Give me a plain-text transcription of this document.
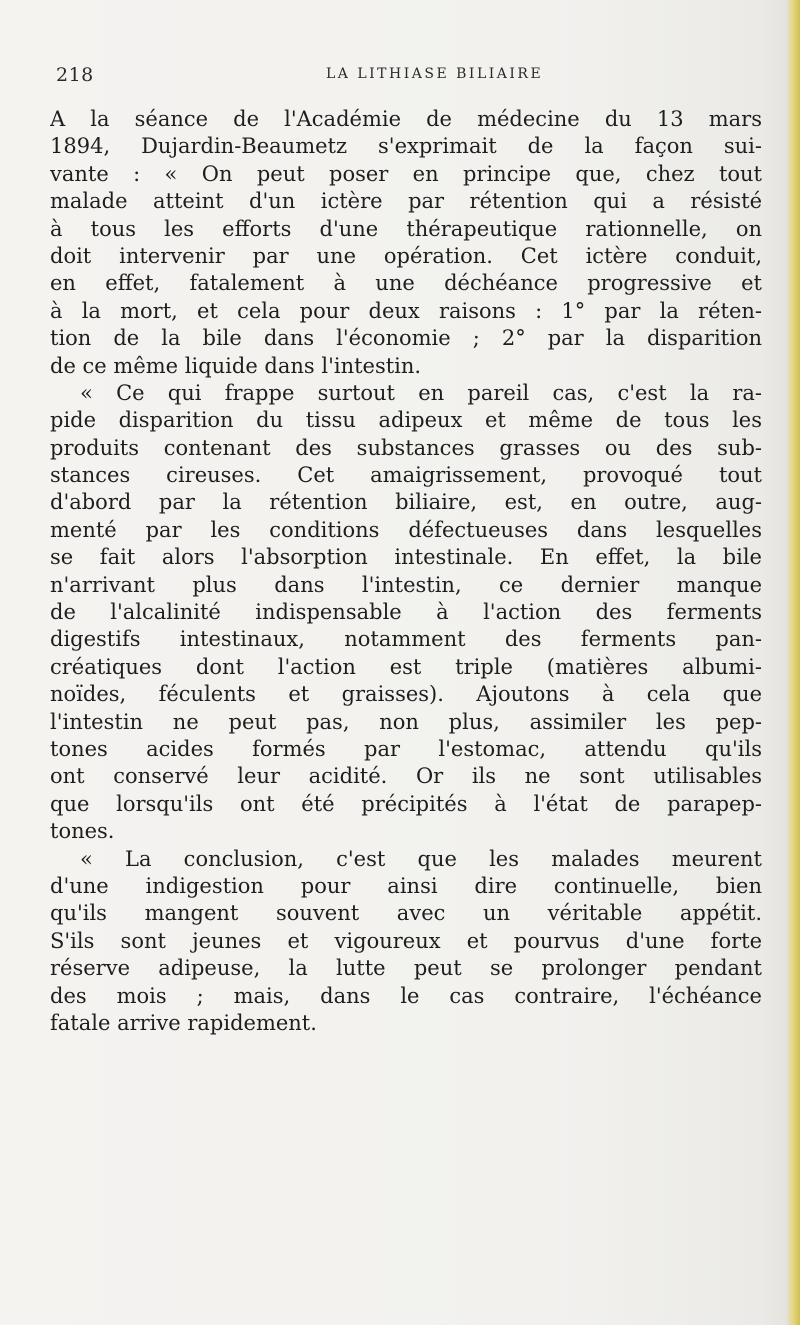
218	LA LITHIASE BILIAIRE
A la séance de l'Académie de médecine du 13 mars
1894, Dujardin-Beaumetz s'exprimait de la façon sui-
vante : « On peut poser en principe que, chez tout
malade atteint d'un ictère par rétention qui a résisté
à tous les efforts d'une thérapeutique rationnelle, on
doit intervenir par une opération. Cet ictère conduit,
en effet, fatalement à une déchéance progressive et
à la mort, et cela pour deux raisons : 1° par la réten-
tion de la bile dans l'économie ; 2° par la disparition
de ce même liquide dans l'intestin.
« Ce qui frappe surtout en pareil cas, c'est la ra-
pide disparition du tissu adipeux et même de tous les
produits contenant des substances grasses ou des sub-
stances cireuses. Cet amaigrissement, provoqué tout
d'abord par la rétention biliaire, est, en outre, aug-
menté par les conditions défectueuses dans lesquelles
se fait alors l'absorption intestinale. En effet, la bile
n'arrivant plus dans l'intestin, ce dernier manque
de l'alcalinité indispensable à l'action des ferments
digestifs intestinaux, notamment des ferments pan-
créatiques dont l'action est triple (matières albumi-
noïdes, féculents et graisses). Ajoutons à cela que
l'intestin ne peut pas, non plus, assimiler les pep-
tones acides formés par l'estomac, attendu qu'ils
ont conservé leur acidité. Or ils ne sont utilisables
que lorsqu'ils ont été précipités à l'état de parapep-
tones.
« La conclusion, c'est que les malades meurent
d'une indigestion pour ainsi dire continuelle, bien
qu'ils mangent souvent avec un véritable appétit.
S'ils sont jeunes et vigoureux et pourvus d'une forte
réserve adipeuse, la lutte peut se prolonger pendant
des mois ; mais, dans le cas contraire, l'échéance
fatale arrive rapidement.
